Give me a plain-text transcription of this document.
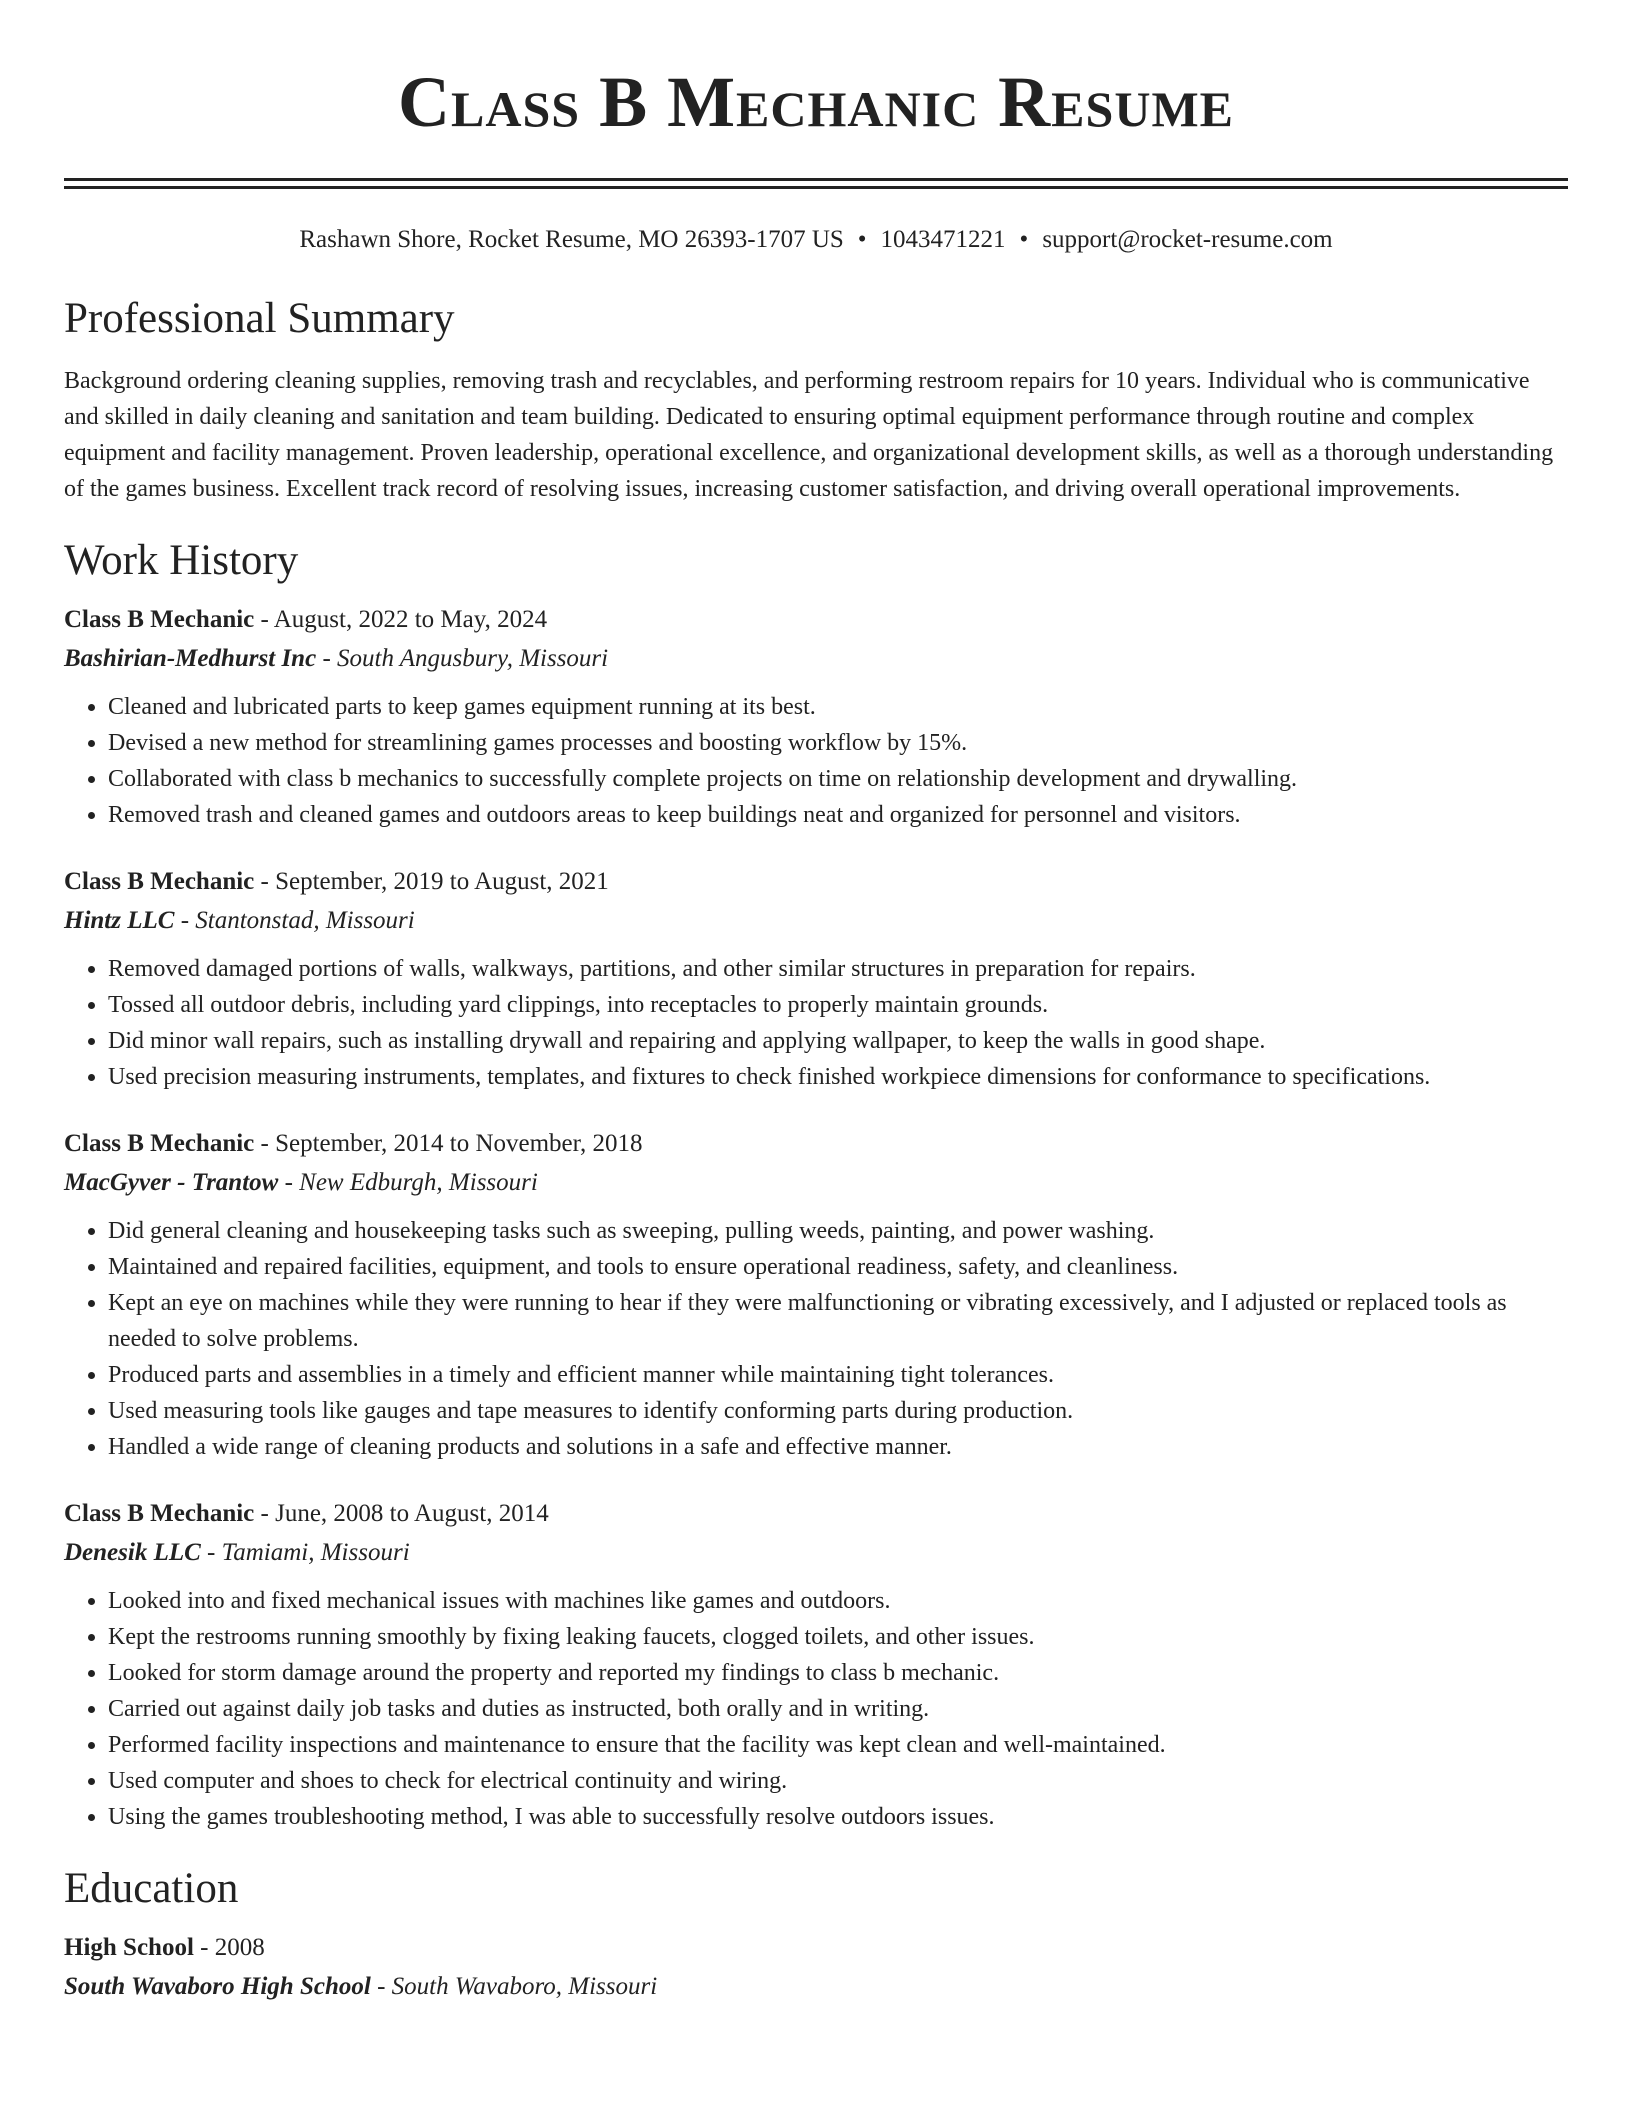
Class B Mechanic Resume
Rashawn Shore, Rocket Resume, MO 26393-1707 US • 1043471221 • support@rocket-resume.com
Professional Summary
Background ordering cleaning supplies, removing trash and recyclables, and performing restroom repairs for 10 years. Individual who is communicative and skilled in daily cleaning and sanitation and team building. Dedicated to ensuring optimal equipment performance through routine and complex equipment and facility management. Proven leadership, operational excellence, and organizational development skills, as well as a thorough understanding of the games business. Excellent track record of resolving issues, increasing customer satisfaction, and driving overall operational improvements.
Work History
Class B Mechanic - August, 2022 to May, 2024
Bashirian-Medhurst Inc - South Angusbury, Missouri
• Cleaned and lubricated parts to keep games equipment running at its best.
• Devised a new method for streamlining games processes and boosting workflow by 15%.
• Collaborated with class b mechanics to successfully complete projects on time on relationship development and drywalling.
• Removed trash and cleaned games and outdoors areas to keep buildings neat and organized for personnel and visitors.
Class B Mechanic - September, 2019 to August, 2021
Hintz LLC - Stantonstad, Missouri
• Removed damaged portions of walls, walkways, partitions, and other similar structures in preparation for repairs.
• Tossed all outdoor debris, including yard clippings, into receptacles to properly maintain grounds.
• Did minor wall repairs, such as installing drywall and repairing and applying wallpaper, to keep the walls in good shape.
• Used precision measuring instruments, templates, and fixtures to check finished workpiece dimensions for conformance to specifications.
Class B Mechanic - September, 2014 to November, 2018
MacGyver - Trantow - New Edburgh, Missouri
• Did general cleaning and housekeeping tasks such as sweeping, pulling weeds, painting, and power washing.
• Maintained and repaired facilities, equipment, and tools to ensure operational readiness, safety, and cleanliness.
• Kept an eye on machines while they were running to hear if they were malfunctioning or vibrating excessively, and I adjusted or replaced tools as needed to solve problems.
• Produced parts and assemblies in a timely and efficient manner while maintaining tight tolerances.
• Used measuring tools like gauges and tape measures to identify conforming parts during production.
• Handled a wide range of cleaning products and solutions in a safe and effective manner.
Class B Mechanic - June, 2008 to August, 2014
Denesik LLC - Tamiami, Missouri
• Looked into and fixed mechanical issues with machines like games and outdoors.
• Kept the restrooms running smoothly by fixing leaking faucets, clogged toilets, and other issues.
• Looked for storm damage around the property and reported my findings to class b mechanic.
• Carried out against daily job tasks and duties as instructed, both orally and in writing.
• Performed facility inspections and maintenance to ensure that the facility was kept clean and well-maintained.
• Used computer and shoes to check for electrical continuity and wiring.
• Using the games troubleshooting method, I was able to successfully resolve outdoors issues.
Education
High School - 2008
South Wavaboro High School - South Wavaboro, Missouri
